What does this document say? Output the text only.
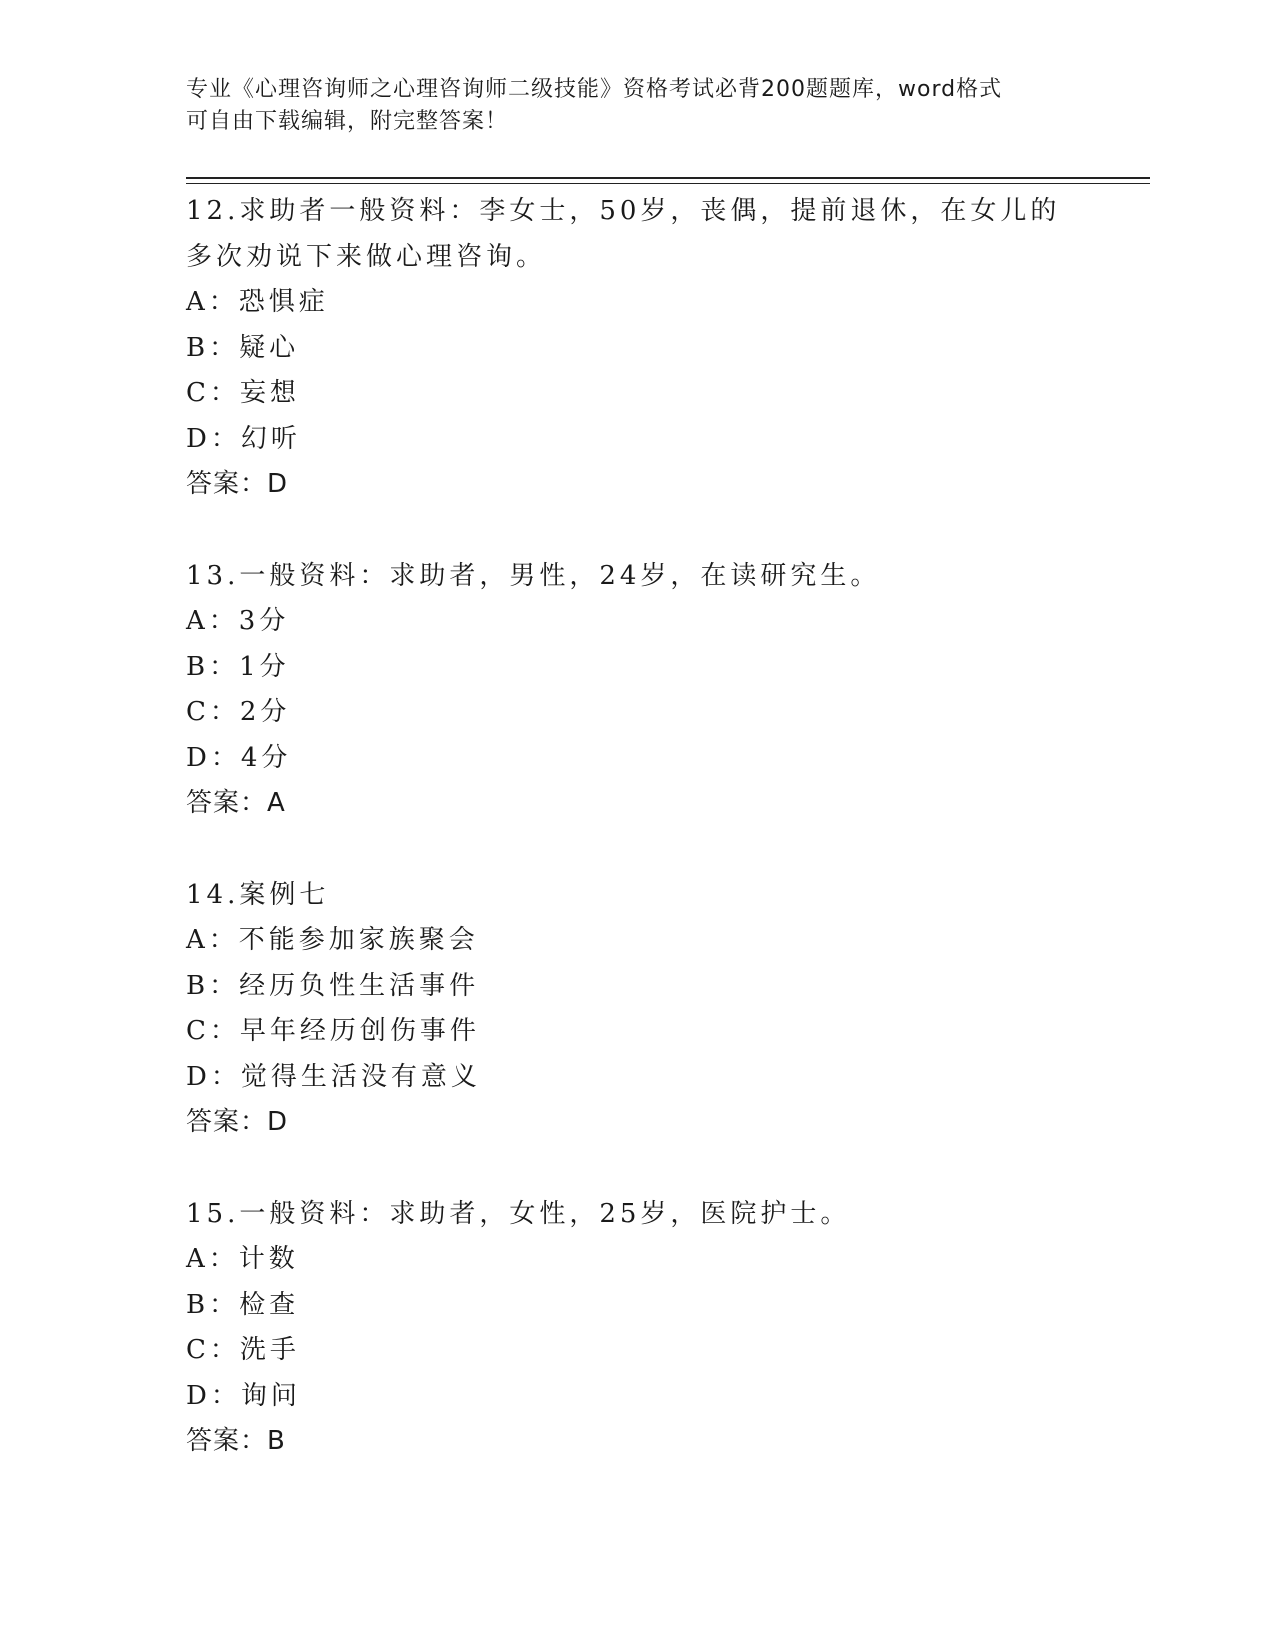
专业《心理咨询师之心理咨询师二级技能》资格考试必背200题题库，word格式
可自由下载编辑，附完整答案！
12.求助者一般资料：李女士，50岁，丧偶，提前退休，在女儿的多次劝说下来做心理咨询。
A：恐惧症
B：疑心
C：妄想
D：幻听
答案：D
13.一般资料：求助者，男性，24岁，在读研究生。
A：3分
B：1分
C：2分
D：4分
答案：A
14.案例七
A：不能参加家族聚会
B：经历负性生活事件
C：早年经历创伤事件
D：觉得生活没有意义
答案：D
15.一般资料：求助者，女性，25岁，医院护士。
A：计数
B：检查
C：洗手
D：询问
答案：B
